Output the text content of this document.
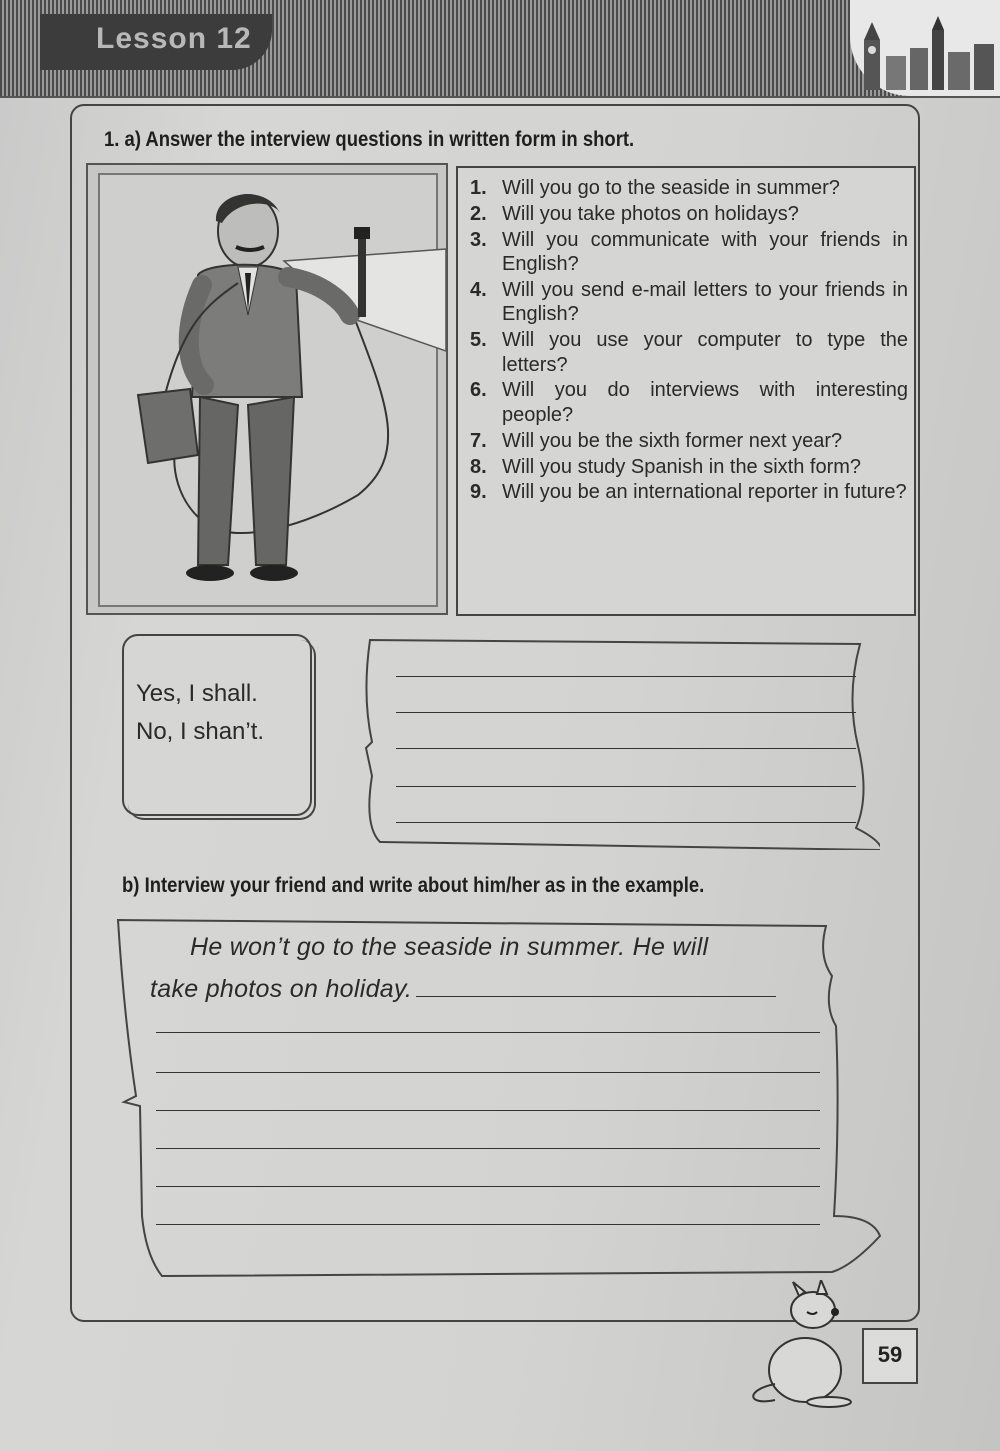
Lesson 12
1. a) Answer the interview questions in written form in short.
1. Will you go to the seaside in summer?
2. Will you take photos on holidays?
3. Will you communicate with your friends in English?
4. Will you send e-mail letters to your friends in English?
5. Will you use your computer to type the letters?
6. Will you do interviews with interesting people?
7. Will you be the sixth former next year?
8. Will you study Spanish in the sixth form?
9. Will you be an international reporter in future?
Yes, I shall.
No, I shan’t.
b) Interview your friend and write about him/her as in the example.
He won’t go to the seaside in summer. He will
take photos on holiday.
59
